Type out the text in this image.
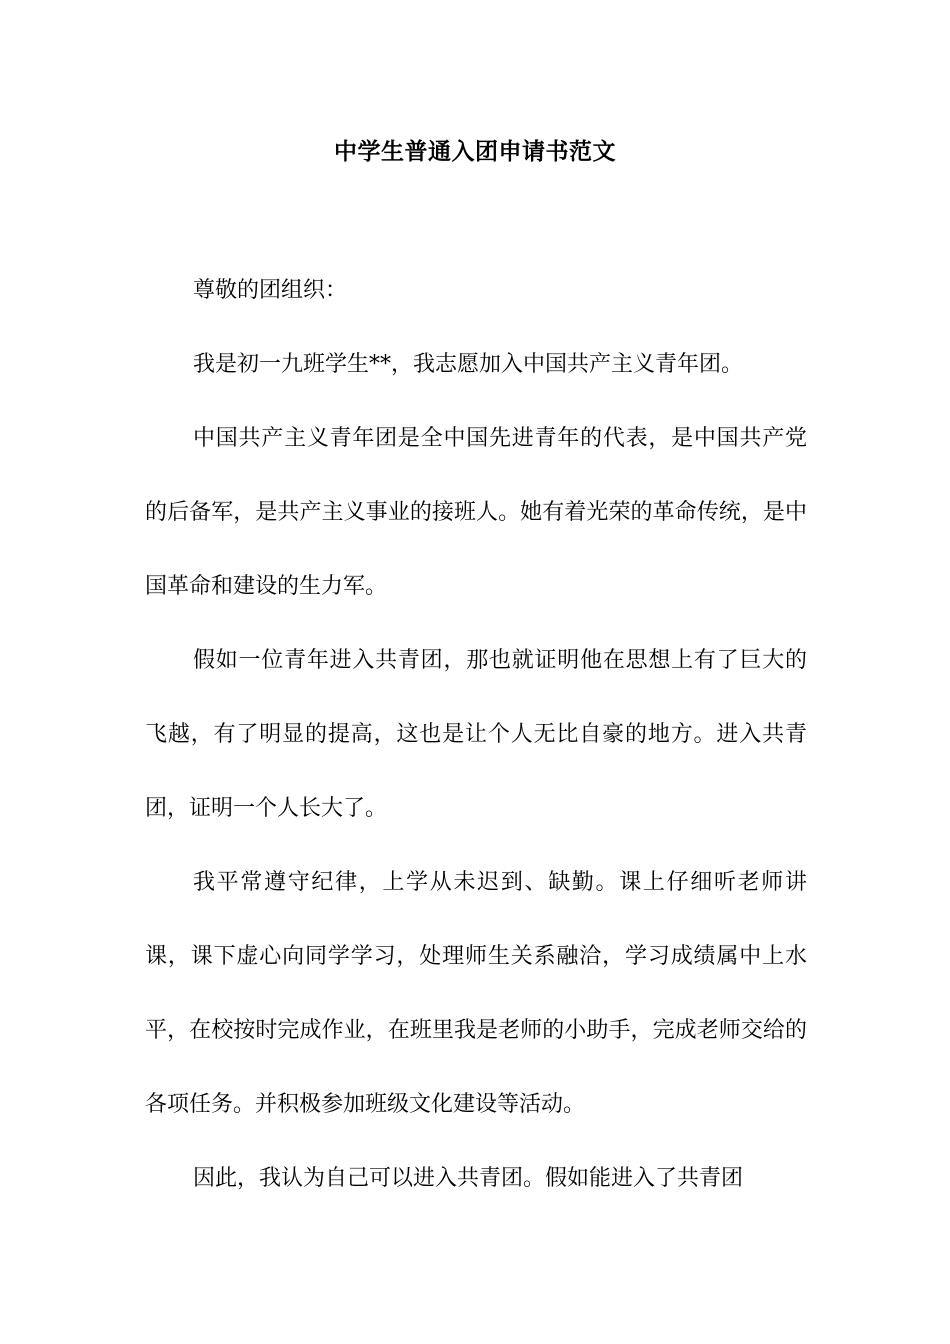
中学生普通入团申请书范文

尊敬的团组织：

我是初一九班学生**，我志愿加入中国共产主义青年团。

中国共产主义青年团是全中国先进青年的代表，是中国共产党的后备军，是共产主义事业的接班人。她有着光荣的革命传统，是中国革命和建设的生力军。

假如一位青年进入共青团，那也就证明他在思想上有了巨大的飞越，有了明显的提高，这也是让个人无比自豪的地方。进入共青团，证明一个人长大了。

我平常遵守纪律，上学从未迟到、缺勤。课上仔细听老师讲课，课下虚心向同学学习，处理师生关系融洽，学习成绩属中上水平，在校按时完成作业，在班里我是老师的小助手，完成老师交给的各项任务。并积极参加班级文化建设等活动。

因此，我认为自己可以进入共青团。假如能进入了共青团
